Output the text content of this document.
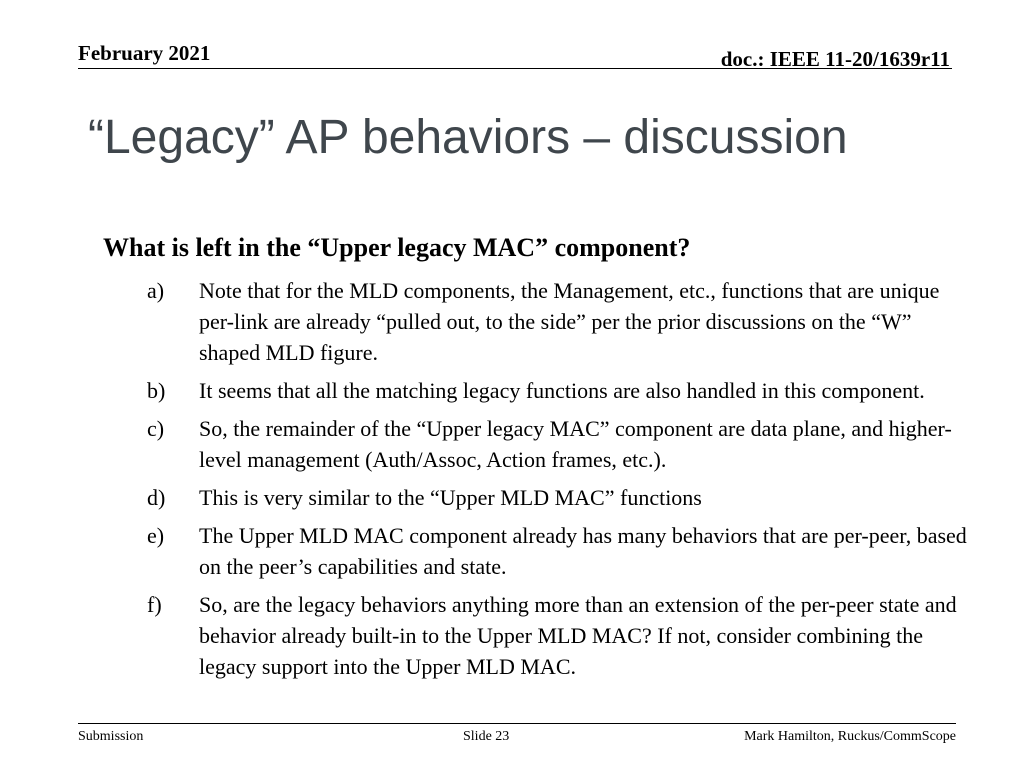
February 2021	doc.: IEEE 11-20/1639r11
“Legacy” AP behaviors – discussion
What is left in the “Upper legacy MAC” component?
a)	Note that for the MLD components, the Management, etc., functions that are unique per-link are already “pulled out, to the side” per the prior discussions on the “W” shaped MLD figure.
b)	It seems that all the matching legacy functions are also handled in this component.
c)	So, the remainder of the “Upper legacy MAC” component are data plane, and higher-level management (Auth/Assoc, Action frames, etc.).
d)	This is very similar to the “Upper MLD MAC” functions
e)	The Upper MLD MAC component already has many behaviors that are per-peer, based on the peer’s capabilities and state.
f)	So, are the legacy behaviors anything more than an extension of the per-peer state and behavior already built-in to the Upper MLD MAC? If not, consider combining the legacy support into the Upper MLD MAC.
Submission	Slide 23	Mark Hamilton, Ruckus/CommScope
